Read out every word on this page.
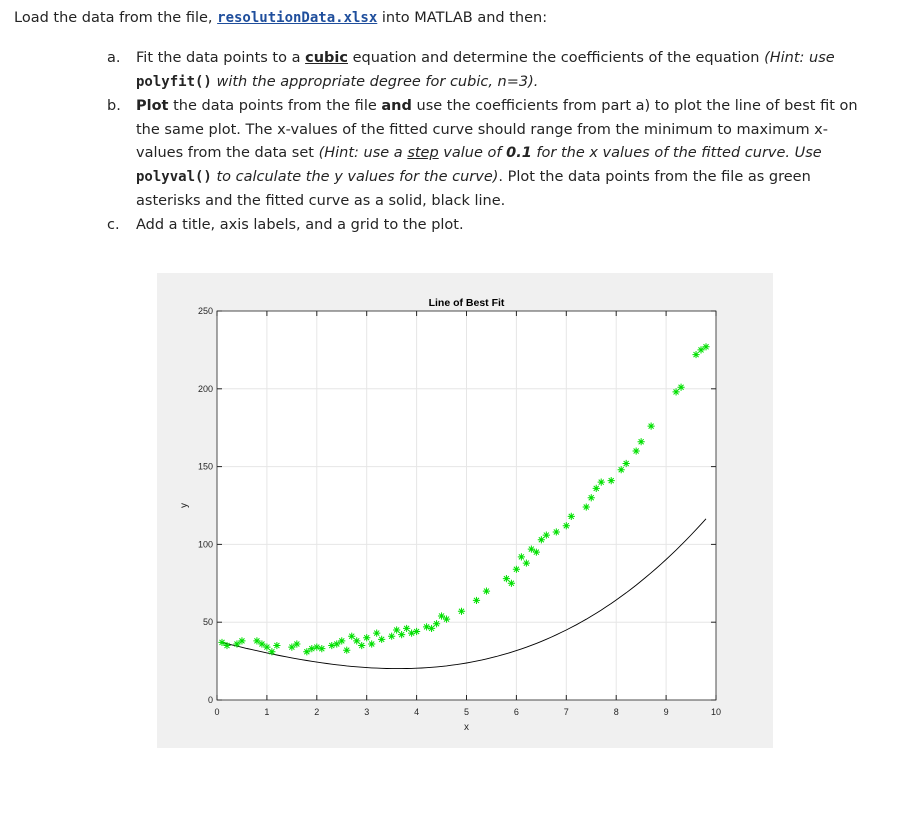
Load the data from the file, resolutionData.xlsx into MATLAB and then:
a. Fit the data points to a cubic equation and determine the coefficients of the equation (Hint: use
polyfit() with the appropriate degree for cubic, n=3).
b. Plot the data points from the file and use the coefficients from part a) to plot the line of best fit on the same plot. The x-values of the fitted curve should range from the minimum to maximum x-values from the data set (Hint: use a step value of 0.1 for the x values of the fitted curve. Use
polyval() to calculate the y values for the curve). Plot the data points from the file as green asterisks and the fitted curve as a solid, black line.
c. Add a title, axis labels, and a grid to the plot.
0	1	2	3	4	5	6	7	8	9	10
0
50
100
150
200
250
Line of Best Fit
x
y
